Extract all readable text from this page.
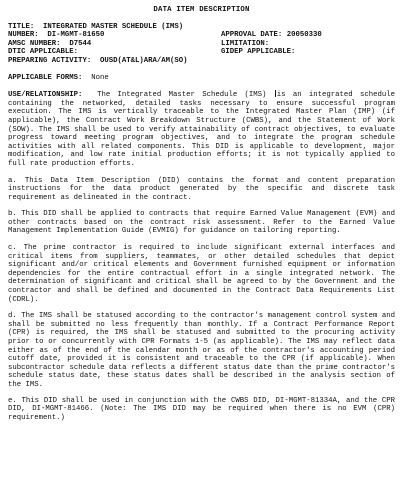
DATA ITEM DESCRIPTION
TITLE:
INTEGRATED MASTER SCHEDULE (IMS)
NUMBER: DI-MGMT-81650	APPROVAL DATE: 20050330
AMSC NUMBER: D7544	LIMITATION:
DTIC APPLICABLE:	GIDEP APPLICABLE:
PREPARING ACTIVITY:
OUSD(AT&L)ARA/AM(SO)
APPLICABLE FORMS:
None

USE/RELATIONSHIP: The Integrated Master Schedule (IMS) is an integrated schedule containing the networked, detailed tasks necessary to ensure successful program execution. The IMS is vertically traceable to the Integrated Master Plan (IMP) (if applicable), the Contract Work Breakdown Structure (CWBS), and the Statement of Work (SOW). The IMS shall be used to verify attainability of contract objectives, to evaluate progress toward meeting program objectives, and to integrate the program schedule activities with all related components. This DID is applicable to development, major modification, and low rate initial production efforts; it is not typically applied to full rate production efforts.

a. This Data Item Description (DID) contains the format and content preparation instructions for the data product generated by the specific and discrete task requirement as delineated in the contract.

b. This DID shall be applied to contracts that require Earned Value Management (EVM) and other contracts based on the contract risk assessment. Refer to the Earned Value Management Implementation Guide (EVMIG) for guidance on tailoring reporting.

c. The prime contractor is required to include significant external interfaces and critical items from suppliers, teammates, or other detailed schedules that depict significant and/or critical elements and Government furnished equipment or information dependencies for the entire contractual effort in a single integrated network. The determination of significant and critical shall be agreed to by the Government and the contractor and shall be defined and documented in the Contract Data Requirements List (CDRL).

d. The IMS shall be statused according to the contractor's management control system and shall be submitted no less frequently than monthly. If a Contract Performance Report (CPR) is required, the IMS shall be statused and submitted to the procuring activity prior to or concurrently with CPR Formats 1-5 (as applicable). The IMS may reflect data either as of the end of the calendar month or as of the contractor's accounting period cutoff date, provided it is consistent and traceable to the CPR (if applicable). When subcontractor schedule data reflects a different status date than the prime contractor's schedule status date, these status dates shall be described in the analysis section of the IMS.

e. This DID shall be used in conjunction with the CWBS DID, DI-MGMT-81334A, and the CPR DID, DI-MGMT-81466. (Note: The IMS DID may be required when there is no EVM (CPR) requirement.)
